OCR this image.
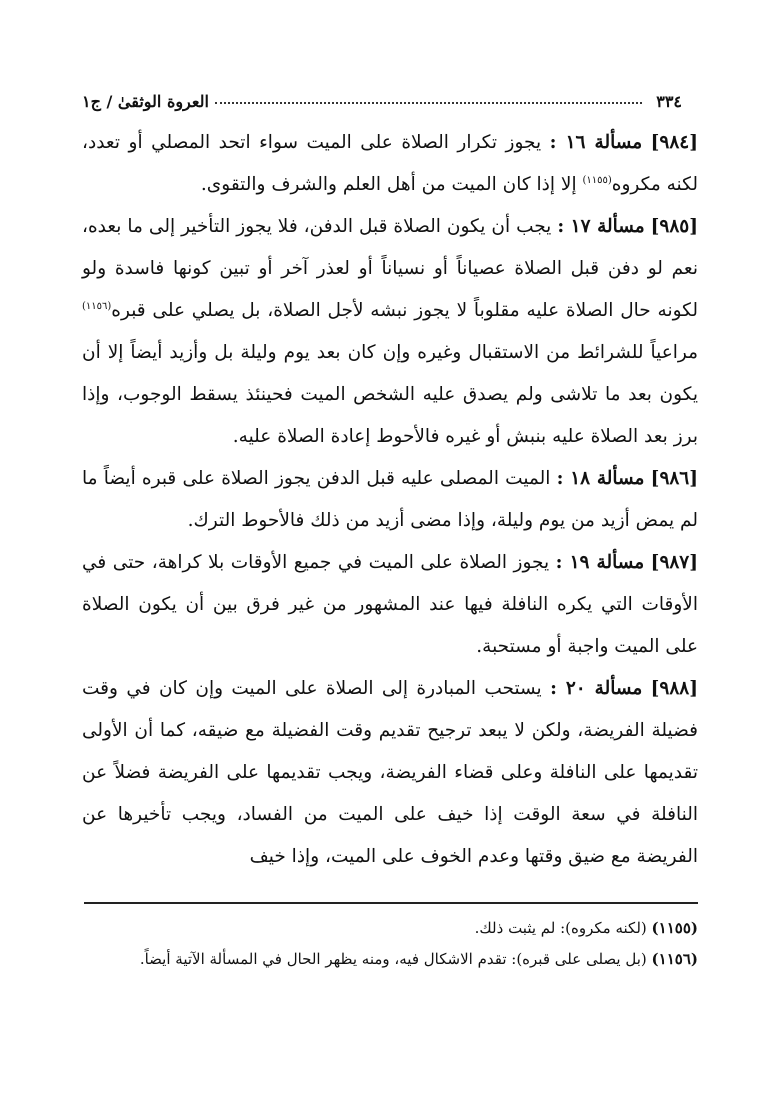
٣٣٤
العروة الوثقىٰ / ج١

[٩٨٤] مسألة ١٦ : يجوز تكرار الصلاة على الميت سواء اتحد المصلي أو تعدد، لكنه مكروه$^{(١١٥٥)}$ إلا إذا كان الميت من أهل العلم والشرف والتقوى.

[٩٨٥] مسألة ١٧ : يجب أن يكون الصلاة قبل الدفن، فلا يجوز التأخير إلى ما بعده، نعم لو دفن قبل الصلاة عصياناً أو نسياناً أو لعذر آخر أو تبين كونها فاسدة ولو لكونه حال الصلاة عليه مقلوباً لا يجوز نبشه لأجل الصلاة، بل يصلي على قبره$^{(١١٥٦)}$ مراعياً للشرائط من الاستقبال وغيره وإن كان بعد يوم وليلة بل وأزيد أيضاً إلا أن يكون بعد ما تلاشى ولم يصدق عليه الشخص الميت فحينئذ يسقط الوجوب، وإذا برز بعد الصلاة عليه بنبش أو غيره فالأحوط إعادة الصلاة عليه.

[٩٨٦] مسألة ١٨ : الميت المصلى عليه قبل الدفن يجوز الصلاة على قبره أيضاً ما لم يمض أزيد من يوم وليلة، وإذا مضى أزيد من ذلك فالأحوط الترك.

[٩٨٧] مسألة ١٩ : يجوز الصلاة على الميت في جميع الأوقات بلا كراهة، حتى في الأوقات التي يكره النافلة فيها عند المشهور من غير فرق بين أن يكون الصلاة على الميت واجبة أو مستحبة.

[٩٨٨] مسألة ٢٠ : يستحب المبادرة إلى الصلاة على الميت وإن كان في وقت فضيلة الفريضة، ولكن لا يبعد ترجيح تقديم وقت الفضيلة مع ضيقه، كما أن الأولى تقديمها على النافلة وعلى قضاء الفريضة، ويجب تقديمها على الفريضة فضلاً عن النافلة في سعة الوقت إذا خيف على الميت من الفساد، ويجب تأخيرها عن الفريضة مع ضيق وقتها وعدم الخوف على الميت، وإذا خيف

(١١٥٥) (لكنه مكروه): لم يثبت ذلك.

(١١٥٦) (بل يصلى على قبره): تقدم الاشكال فيه، ومنه يظهر الحال في المسألة الآتية أيضاً.
